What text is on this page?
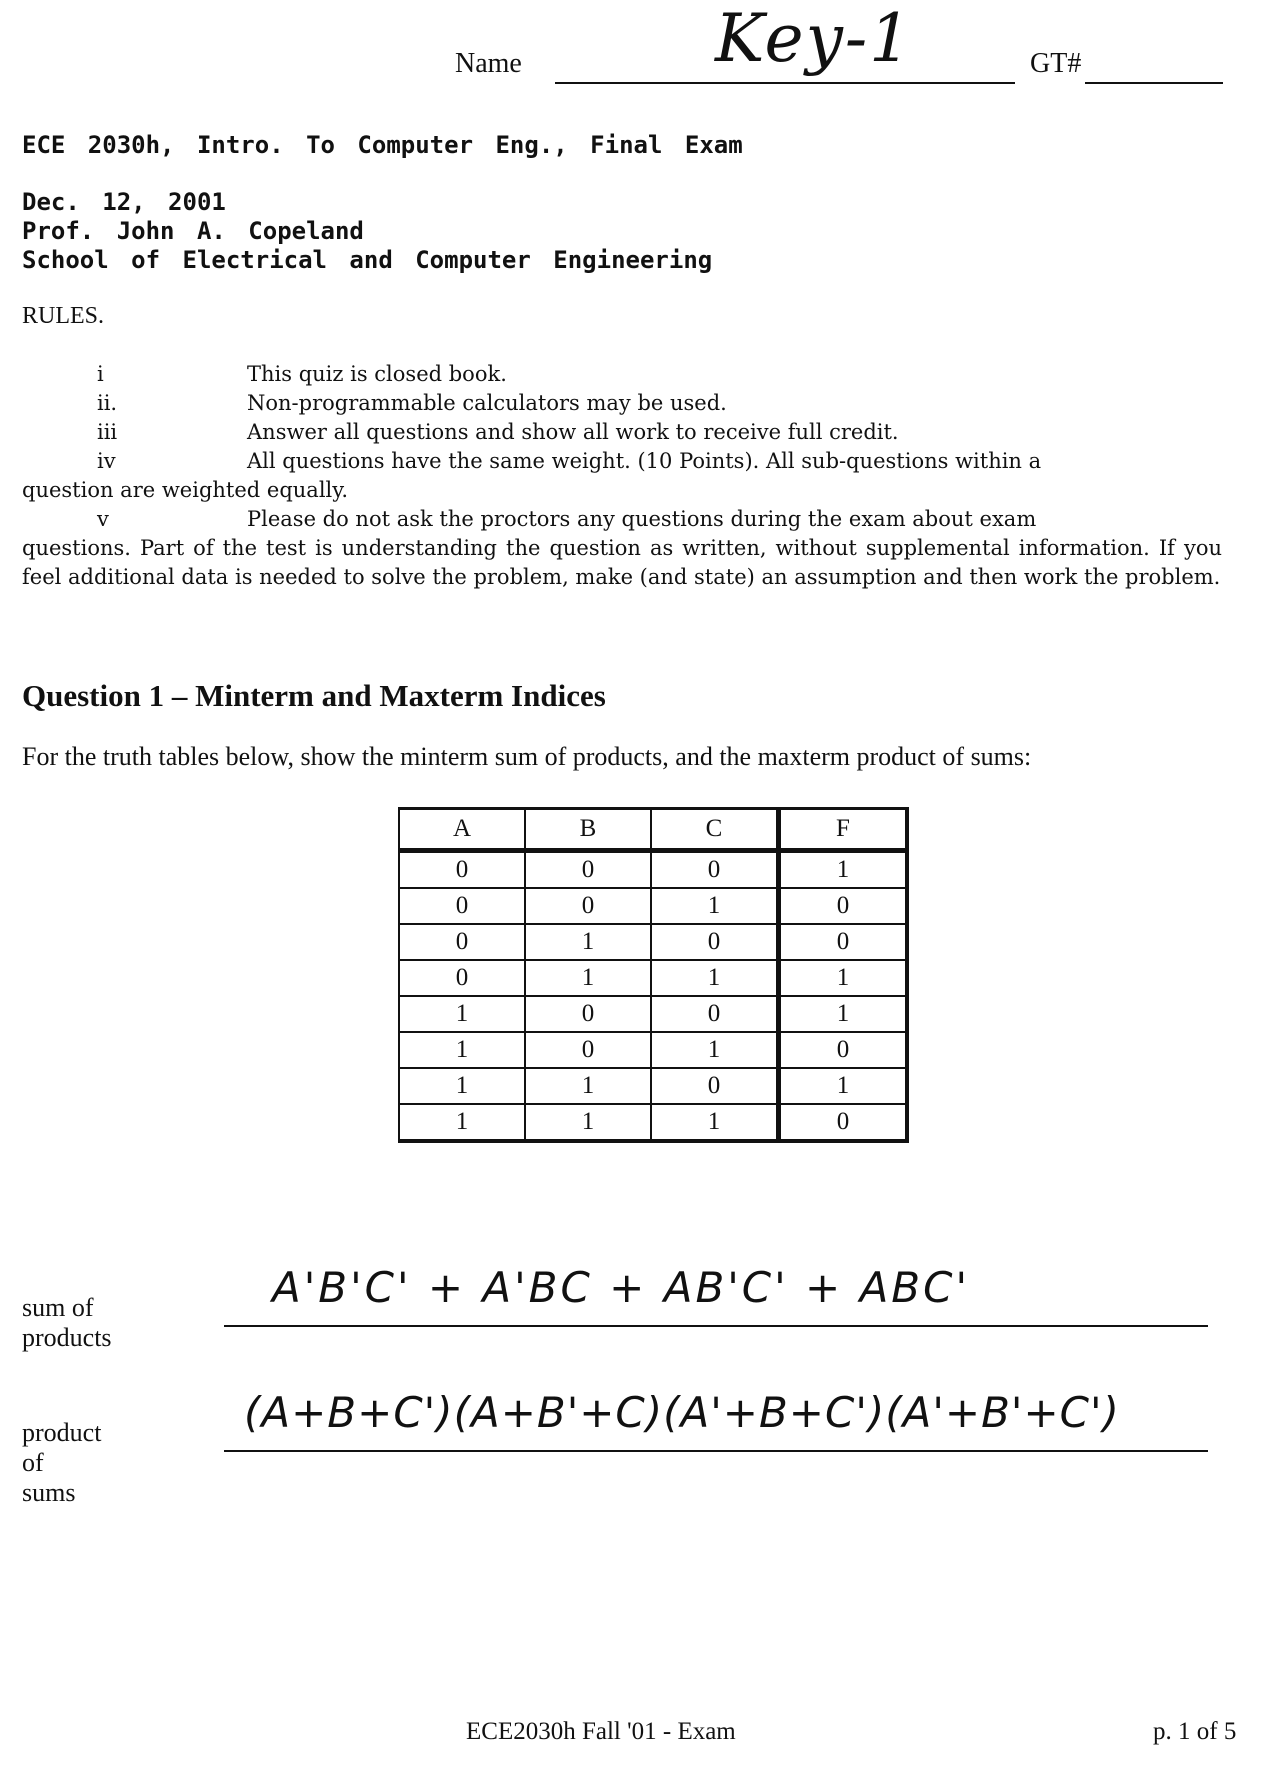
Name	Key-1	GT#
ECE 2030h, Intro. To Computer Eng., Final Exam
Dec. 12, 2001
Prof. John A. Copeland
School of Electrical and Computer Engineering
RULES.
i	This quiz is closed book.
ii.	Non-programmable calculators may be used.
iii	Answer all questions and show all work to receive full credit.
iv	All questions have the same weight. (10 Points). All sub-questions within a
question are weighted equally.
v	Please do not ask the proctors any questions during the exam about exam
questions. Part of the test is understanding the question as written, without supplemental information. If you feel additional data is needed to solve the problem, make (and state) an assumption and then work the problem.
Question 1 – Minterm and Maxterm Indices
For the truth tables below, show the minterm sum of products, and the maxterm product of sums:
A	B	C	F
0	0	0	1
0	0	1	0
0	1	0	0
0	1	1	1
1	0	0	1
1	0	1	0
1	1	0	1
1	1	1	0
sum of products
A'B'C' + A'BC + AB'C' + ABC'
product of sums
(A+B+C')(A+B'+C)(A'+B+C')(A'+B'+C')
ECE2030h Fall '01 - Exam	p. 1 of 5
